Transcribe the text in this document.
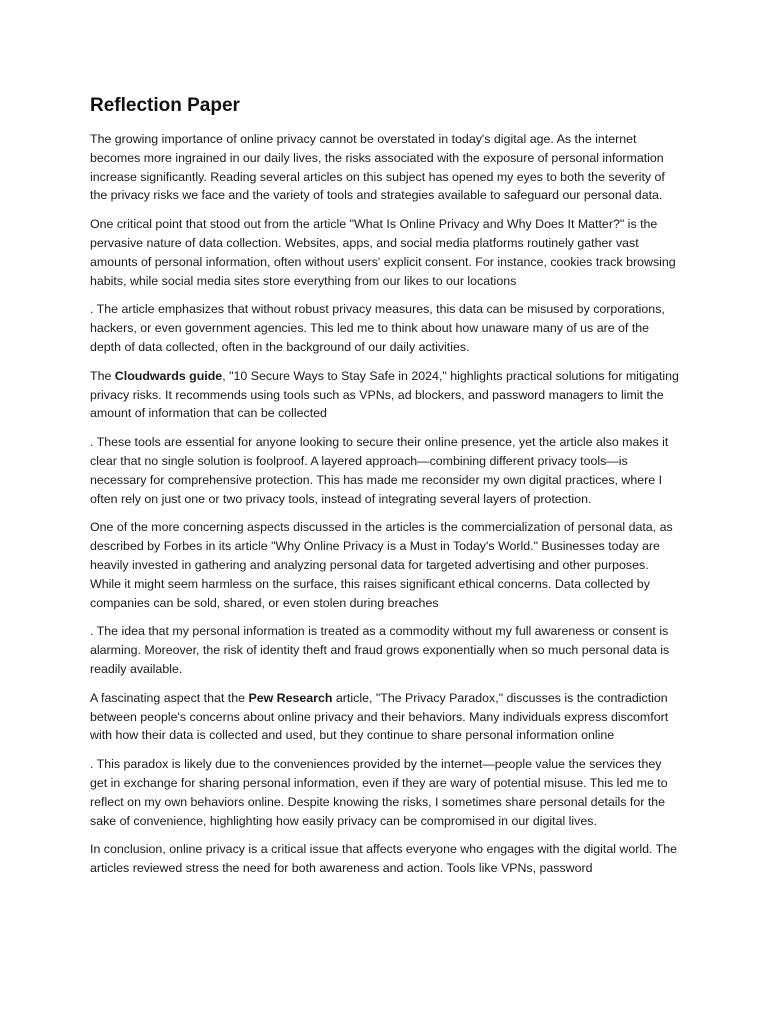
Reflection Paper

The growing importance of online privacy cannot be overstated in today's digital age. As the internet becomes more ingrained in our daily lives, the risks associated with the exposure of personal information increase significantly. Reading several articles on this subject has opened my eyes to both the severity of the privacy risks we face and the variety of tools and strategies available to safeguard our personal data.

One critical point that stood out from the article "What Is Online Privacy and Why Does It Matter?" is the pervasive nature of data collection. Websites, apps, and social media platforms routinely gather vast amounts of personal information, often without users' explicit consent. For instance, cookies track browsing habits, while social media sites store everything from our likes to our locations

. The article emphasizes that without robust privacy measures, this data can be misused by corporations, hackers, or even government agencies. This led me to think about how unaware many of us are of the depth of data collected, often in the background of our daily activities.

The Cloudwards guide, "10 Secure Ways to Stay Safe in 2024," highlights practical solutions for mitigating privacy risks. It recommends using tools such as VPNs, ad blockers, and password managers to limit the amount of information that can be collected

. These tools are essential for anyone looking to secure their online presence, yet the article also makes it clear that no single solution is foolproof. A layered approach—combining different privacy tools—is necessary for comprehensive protection. This has made me reconsider my own digital practices, where I often rely on just one or two privacy tools, instead of integrating several layers of protection.

One of the more concerning aspects discussed in the articles is the commercialization of personal data, as described by Forbes in its article "Why Online Privacy is a Must in Today's World." Businesses today are heavily invested in gathering and analyzing personal data for targeted advertising and other purposes. While it might seem harmless on the surface, this raises significant ethical concerns. Data collected by companies can be sold, shared, or even stolen during breaches

. The idea that my personal information is treated as a commodity without my full awareness or consent is alarming. Moreover, the risk of identity theft and fraud grows exponentially when so much personal data is readily available.

A fascinating aspect that the Pew Research article, "The Privacy Paradox," discusses is the contradiction between people's concerns about online privacy and their behaviors. Many individuals express discomfort with how their data is collected and used, but they continue to share personal information online

. This paradox is likely due to the conveniences provided by the internet—people value the services they get in exchange for sharing personal information, even if they are wary of potential misuse. This led me to reflect on my own behaviors online. Despite knowing the risks, I sometimes share personal details for the sake of convenience, highlighting how easily privacy can be compromised in our digital lives.

In conclusion, online privacy is a critical issue that affects everyone who engages with the digital world. The articles reviewed stress the need for both awareness and action. Tools like VPNs, password
